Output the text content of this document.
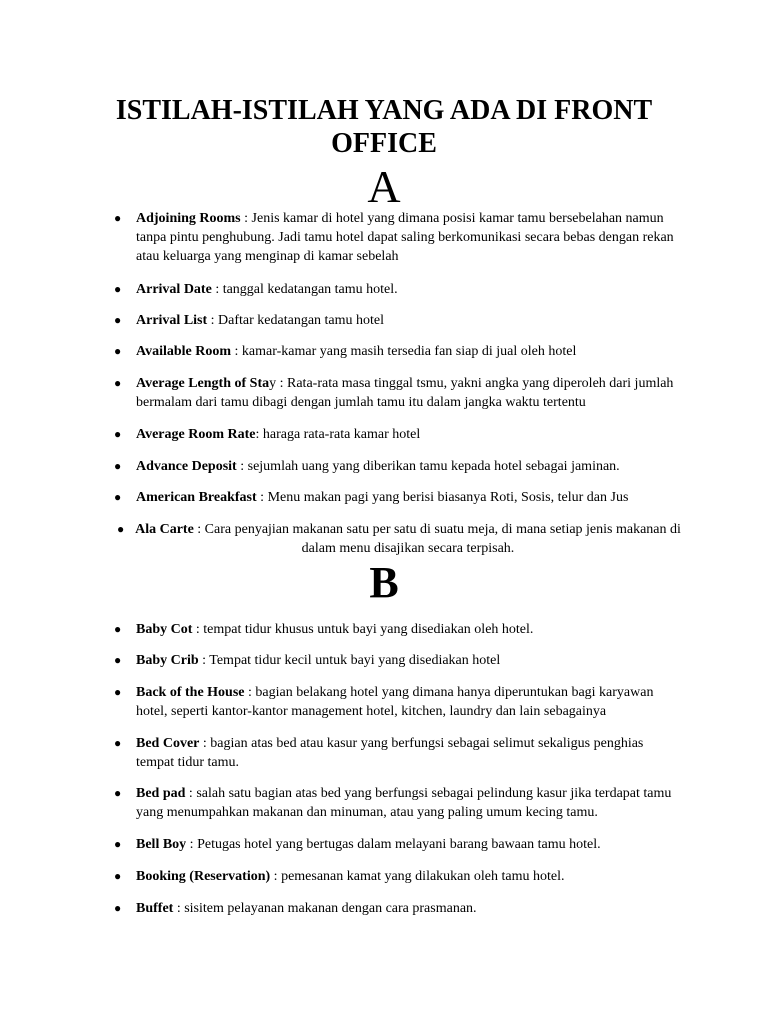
ISTILAH-ISTILAH YANG ADA DI FRONT OFFICE
A
● Adjoining Rooms : Jenis kamar di hotel yang dimana posisi kamar tamu bersebelahan namun tanpa pintu penghubung. Jadi tamu hotel dapat saling berkomunikasi secara bebas dengan rekan atau keluarga yang menginap di kamar sebelah
● Arrival Date : tanggal kedatangan tamu hotel.
● Arrival List : Daftar kedatangan tamu hotel
● Available Room : kamar-kamar yang masih tersedia fan siap di jual oleh hotel
● Average Length of Stay : Rata-rata masa tinggal tsmu, yakni angka yang diperoleh dari jumlah bermalam dari tamu dibagi dengan jumlah tamu itu dalam jangka waktu tertentu
● Average Room Rate: haraga rata-rata kamar hotel
● Advance Deposit : sejumlah uang yang diberikan tamu kepada hotel sebagai jaminan.
● American Breakfast : Menu makan pagi yang berisi biasanya Roti, Sosis, telur dan Jus
● Ala Carte : Cara penyajian makanan satu per satu di suatu meja, di mana setiap jenis makanan di dalam menu disajikan secara terpisah.
B
● Baby Cot : tempat tidur khusus untuk bayi yang disediakan oleh hotel.
● Baby Crib : Tempat tidur kecil untuk bayi yang disediakan hotel
● Back of the House : bagian belakang hotel yang dimana hanya diperuntukan bagi karyawan hotel, seperti kantor-kantor management hotel, kitchen, laundry dan lain sebagainya
● Bed Cover : bagian atas bed atau kasur yang berfungsi sebagai selimut sekaligus penghias tempat tidur tamu.
● Bed pad : salah satu bagian atas bed yang berfungsi sebagai pelindung kasur jika terdapat tamu yang menumpahkan makanan dan minuman, atau yang paling umum kecing tamu.
● Bell Boy : Petugas hotel yang bertugas dalam melayani barang bawaan tamu hotel.
● Booking (Reservation) : pemesanan kamat yang dilakukan oleh tamu hotel.
● Buffet : sisitem pelayanan makanan dengan cara prasmanan.
